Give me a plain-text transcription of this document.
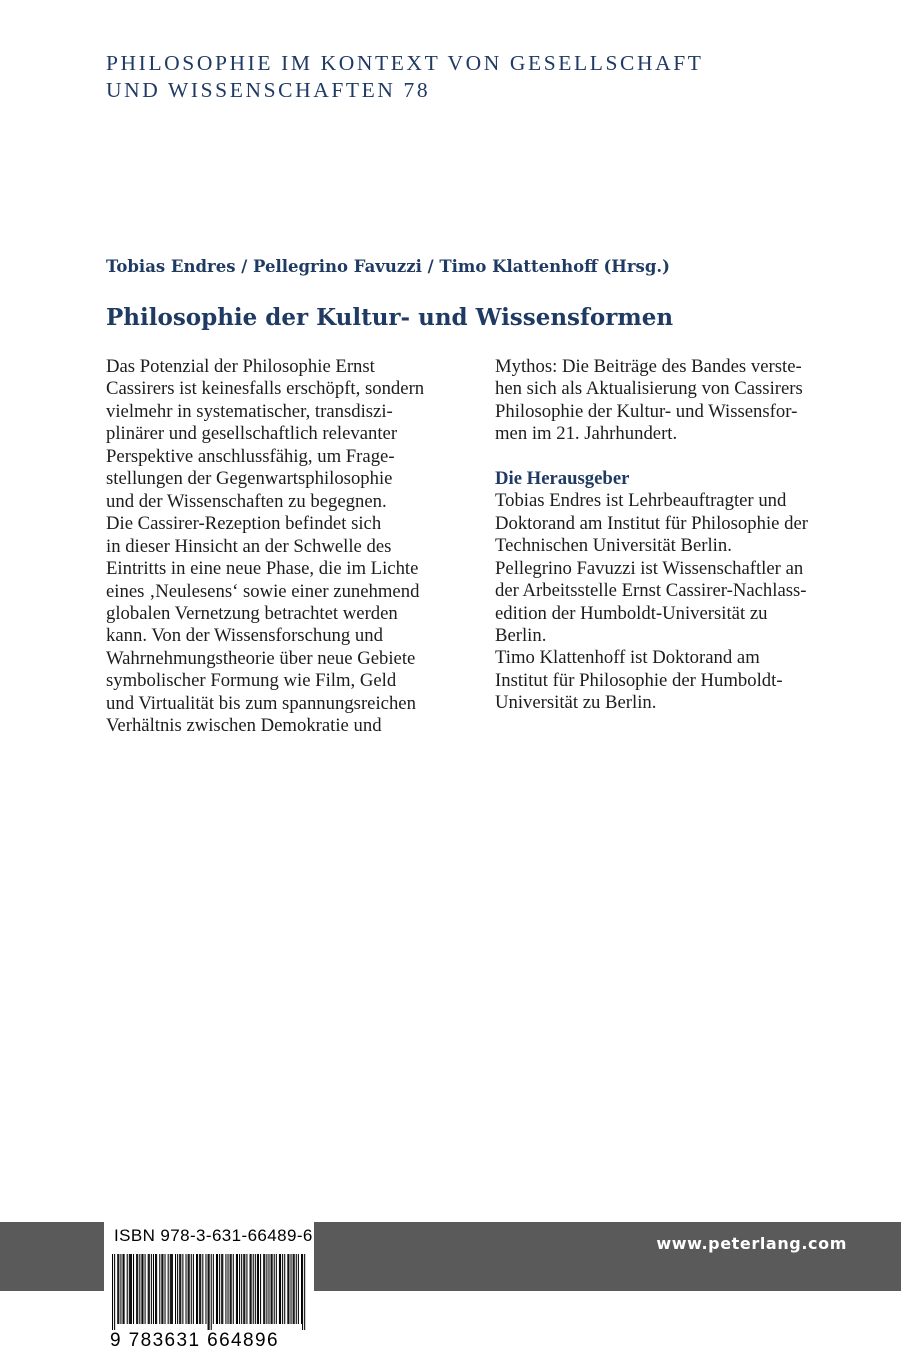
PHILOSOPHIE IM KONTEXT VON GESELLSCHAFT
UND WISSENSCHAFTEN 78
Tobias Endres / Pellegrino Favuzzi / Timo Klattenhoff (Hrsg.)
Philosophie der Kultur- und Wissensformen
Das Potenzial der Philosophie Ernst
Cassirers ist keinesfalls erschöpft, sondern
vielmehr in systematischer, transdiszi-
plinärer und gesellschaftlich relevanter
Perspektive anschlussfähig, um Frage-
stellungen der Gegenwartsphilosophie
und der Wissenschaften zu begegnen.
Die Cassirer-Rezeption befindet sich
in dieser Hinsicht an der Schwelle des
Eintritts in eine neue Phase, die im Lichte
eines ‚Neulesens‘ sowie einer zunehmend
globalen Vernetzung betrachtet werden
kann. Von der Wissensforschung und
Wahrnehmungstheorie über neue Gebiete
symbolischer Formung wie Film, Geld
und Virtualität bis zum spannungsreichen
Verhältnis zwischen Demokratie und
Mythos: Die Beiträge des Bandes verste-
hen sich als Aktualisierung von Cassirers
Philosophie der Kultur- und Wissensfor-
men im 21. Jahrhundert.
Die Herausgeber
Tobias Endres ist Lehrbeauftragter und
Doktorand am Institut für Philosophie der
Technischen Universität Berlin.
Pellegrino Favuzzi ist Wissenschaftler an
der Arbeitsstelle Ernst Cassirer-Nachlass-
edition der Humboldt-Universität zu
Berlin.
Timo Klattenhoff ist Doktorand am
Institut für Philosophie der Humboldt-
Universität zu Berlin.
www.peterlang.com
ISBN 978-3-631-66489-6
9 783631 664896
